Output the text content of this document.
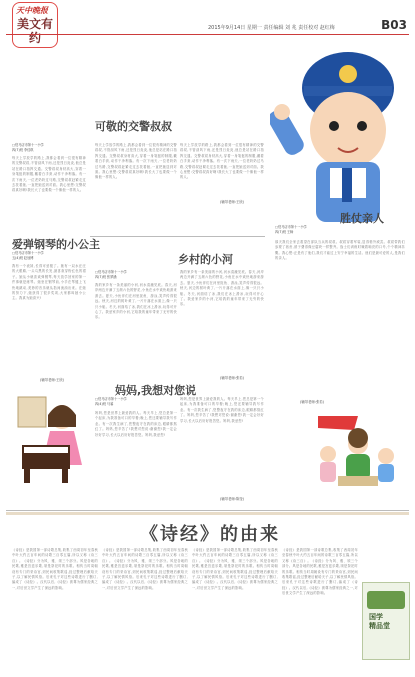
天中晚报
美文有约
2015年9月14日 星期一 责任编辑 刘 兆 责任校对 赵红梅	B03
可敬的交警叔叔
□驻马店市第十一小学
四(7)班 李佳琪
每天上学放学的路上,我都会看到一位很有精神的交警叔叔,不管刮风下雨,还是烈日炎炎,他总是站在路口指挥交通。交警叔叔身材高大,穿着一身笔挺的制服,戴着白手套,动作干净利落。有一次下雨天,一位老奶奶过马路,交警叔叔赶紧走过去扶着她,一直把她送到对面。我心里想:交警叔叔真好啊!我长大了也要做一个像他一样的人。
每天上学放学的路上,我都会看到一位很有精神的交警叔叔,不管刮风下雨,还是烈日炎炎,他总是站在路口指挥交通。交警叔叔身材高大,穿着一身笔挺的制服,戴着白手套,动作干净利落。有一次下雨天,一位老奶奶过马路,交警叔叔赶紧走过去扶着她,一直把她送到对面。我心里想:交警叔叔真好啊!我长大了也要做一个像他一样的人。
每天上学放学的路上,我都会看到一位很有精神的交警叔叔,不管刮风下雨,还是烈日炎炎,他总是站在路口指挥交通。交警叔叔身材高大,穿着一身笔挺的制服,戴着白手套,动作干净利落。有一次下雨天,一位老奶奶过马路,交警叔叔赶紧走过去扶着她,一直把她送到对面。我心里想:交警叔叔真好啊!我长大了也要做一个像他一样的人。
(辅导老师:王欣)
爱弹钢琴的小公主
□驻马店市第十一小学
五(4)班 赵冠博
我有一个表妹,长得可爱极了。她有一双水汪汪的大眼睛,一头乌黑的长发,最喜欢穿粉红色的裙子。她从小就喜欢弹钢琴,每天放学回家的第一件事就是练琴。她坐在钢琴前,小手在琴键上飞快地跳动,美妙的音乐就从指间流淌出来。在她的努力下,她获得了很多奖项,大家都叫她小公主。我真为她高兴!
(辅导老师:王欣)
乡村的小河
□驻马店市第十一小学
四(7)班 张梦涵
我的家乡有一条美丽的小河,河水清澈见底。春天,河岸两边开满了五颜六色的野花,小鱼在水中欢快地游来游去。夏天,小伙伴们在河里捉鱼、游泳,笑声传得很远。秋天,河边的树叶黄了,一片片落在水面上,像一只只小船。冬天,河面结了冰,我们在冰上滑冰,玩得可开心了。我爱家乡的小河,它给我的童年带来了无穷的快乐。
我的家乡有一条美丽的小河,河水清澈见底。春天,河岸两边开满了五颜六色的野花,小鱼在水中欢快地游来游去。夏天,小伙伴们在河里捉鱼、游泳,笑声传得很远。秋天,河边的树叶黄了,一片片落在水面上,像一只只小船。冬天,河面结了冰,我们在冰上滑冰,玩得可开心了。我爱家乡的小河,它给我的童年带来了无穷的快乐。
(辅导老师:张若)
胜仗亲人
□驻马店市第十一小学
四(7)班 王畅
那天我们全家去看望在部队当兵的叔叔。叔叔穿着军装,显得格外威武。叔叔带我们参观了宿舍,被子叠得像豆腐块一样整齐。战士们训练时喊着响亮的口号,个个精神抖擞。我心想:正是有了他们,我们才能过上安宁幸福的生活。他们是最可爱的人,是我们的亲人。
(辅导老师:张若)
妈妈,我想对您说
□驻马店市第十一小学
四(4)班 马睿
妈妈,您是世界上最爱我的人。每天早上,您总是第一个起床,为我准备可口的早餐;晚上,您还要辅导我写作业。有一次我生病了,您整夜守在我的床边,眼睛都熬红了。妈妈,您辛苦了!我想对您说:谢谢您!我一定会好好学习,长大以后好好报答您。妈妈,我爱您!
妈妈,您是世界上最爱我的人。每天早上,您总是第一个起床,为我准备可口的早餐;晚上,您还要辅导我写作业。有一次我生病了,您整夜守在我的床边,眼睛都熬红了。妈妈,您辛苦了!我想对您说:谢谢您!我一定会好好学习,长大以后好好报答您。妈妈,我爱您!
(辅导老师:陈莹)
《诗经》的由来
《诗经》是我国第一部诗歌总集,收集了西周初年至春秋中叶大约五百年间的诗歌三百零五篇,所以又称《诗三百》。《诗经》分为风、雅、颂三个部分。风是各地的民歌,雅是宫廷乐歌,颂是祭祀时的乐歌。相传当时周朝设有专门的采诗官,到民间收集歌谣,经过整理后献给天子,以了解民情风俗。后来孔子对这些诗歌进行了删订,编成了《诗经》。汉代以后,《诗经》被尊为儒家经典之一,对后世文学产生了深远的影响。
《诗经》是我国第一部诗歌总集,收集了西周初年至春秋中叶大约五百年间的诗歌三百零五篇,所以又称《诗三百》。《诗经》分为风、雅、颂三个部分。风是各地的民歌,雅是宫廷乐歌,颂是祭祀时的乐歌。相传当时周朝设有专门的采诗官,到民间收集歌谣,经过整理后献给天子,以了解民情风俗。后来孔子对这些诗歌进行了删订,编成了《诗经》。汉代以后,《诗经》被尊为儒家经典之一,对后世文学产生了深远的影响。
《诗经》是我国第一部诗歌总集,收集了西周初年至春秋中叶大约五百年间的诗歌三百零五篇,所以又称《诗三百》。《诗经》分为风、雅、颂三个部分。风是各地的民歌,雅是宫廷乐歌,颂是祭祀时的乐歌。相传当时周朝设有专门的采诗官,到民间收集歌谣,经过整理后献给天子,以了解民情风俗。后来孔子对这些诗歌进行了删订,编成了《诗经》。汉代以后,《诗经》被尊为儒家经典之一,对后世文学产生了深远的影响。
《诗经》是我国第一部诗歌总集,收集了西周初年至春秋中叶大约五百年间的诗歌三百零五篇,所以又称《诗三百》。《诗经》分为风、雅、颂三个部分。风是各地的民歌,雅是宫廷乐歌,颂是祭祀时的乐歌。相传当时周朝设有专门的采诗官,到民间收集歌谣,经过整理后献给天子,以了解民情风俗。后来孔子对这些诗歌进行了删订,编成了《诗经》。汉代以后,《诗经》被尊为儒家经典之一,对后世文学产生了深远的影响。
国学
精品堂
